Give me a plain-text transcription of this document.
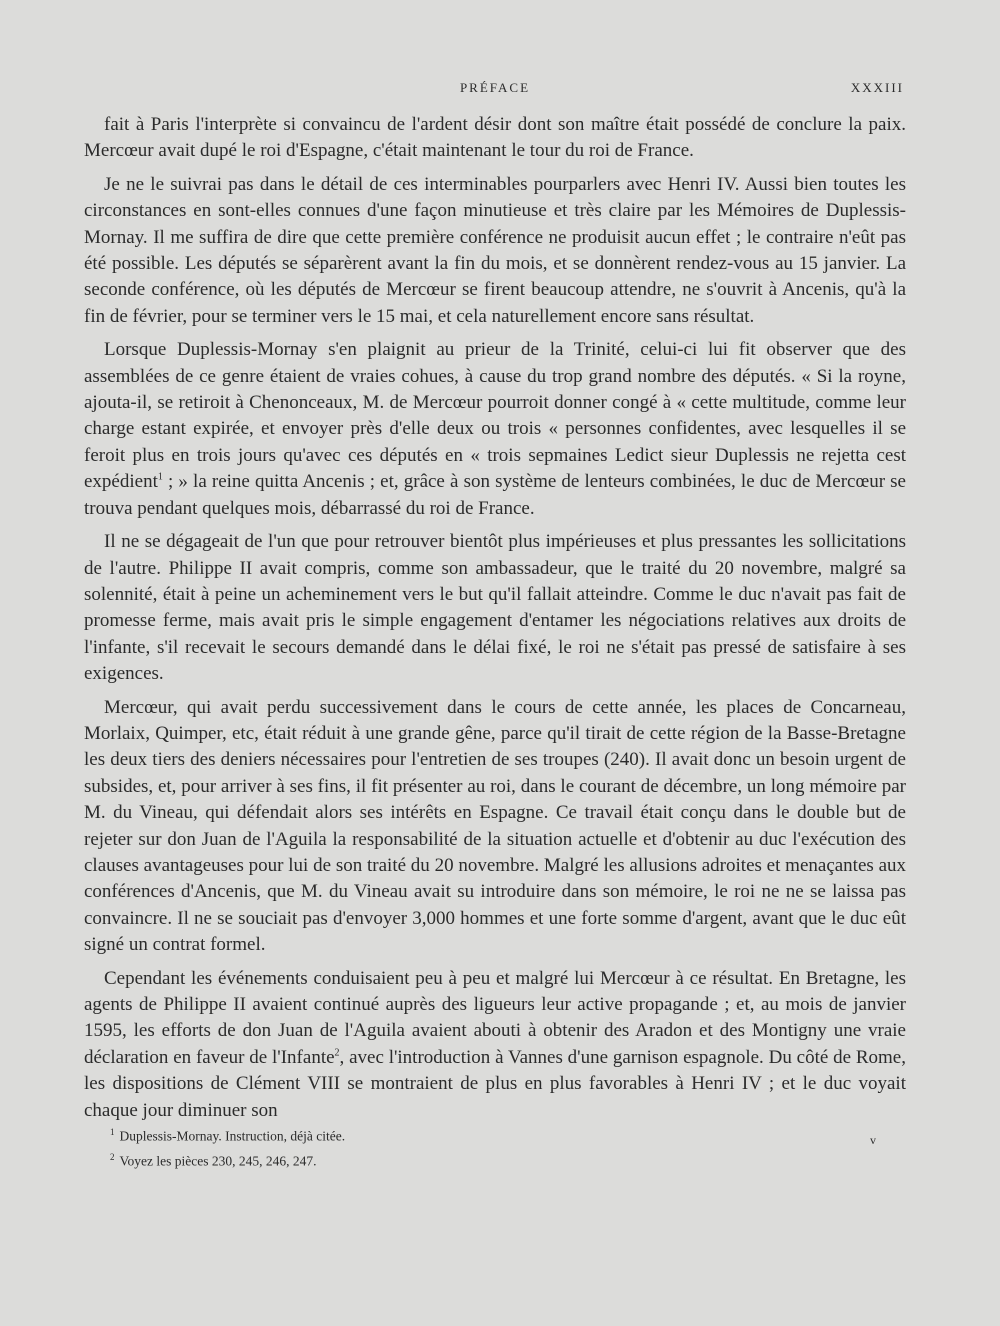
PRÉFACE	XXXIII

fait à Paris l'interprète si convaincu de l'ardent désir dont son maître était possédé de conclure la paix. Mercœur avait dupé le roi d'Espagne, c'était maintenant le tour du roi de France.

Je ne le suivrai pas dans le détail de ces interminables pourparlers avec Henri IV. Aussi bien toutes les circonstances en sont-elles connues d'une façon minutieuse et très claire par les Mémoires de Duplessis-Mornay. Il me suffira de dire que cette première conférence ne produisit aucun effet ; le contraire n'eût pas été possible. Les députés se séparèrent avant la fin du mois, et se donnèrent rendez-vous au 15 janvier. La seconde conférence, où les députés de Mercœur se firent beaucoup attendre, ne s'ouvrit à Ancenis, qu'à la fin de février, pour se terminer vers le 15 mai, et cela naturellement encore sans résultat.

Lorsque Duplessis-Mornay s'en plaignit au prieur de la Trinité, celui-ci lui fit observer que des assemblées de ce genre étaient de vraies cohues, à cause du trop grand nombre des députés. « Si la royne, ajouta-il, se retiroit à Chenonceaux, M. de Mercœur pourroit donner congé à « cette multitude, comme leur charge estant expirée, et envoyer près d'elle deux ou trois « personnes confidentes, avec lesquelles il se feroit plus en trois jours qu'avec ces députés en « trois sepmaines Ledict sieur Duplessis ne rejetta cest expédient$^1$ ; » la reine quitta Ancenis ; et, grâce à son système de lenteurs combinées, le duc de Mercœur se trouva pendant quelques mois, débarrassé du roi de France.

Il ne se dégageait de l'un que pour retrouver bientôt plus impérieuses et plus pressantes les sollicitations de l'autre. Philippe II avait compris, comme son ambassadeur, que le traité du 20 novembre, malgré sa solennité, était à peine un acheminement vers le but qu'il fallait atteindre. Comme le duc n'avait pas fait de promesse ferme, mais avait pris le simple engagement d'entamer les négociations relatives aux droits de l'infante, s'il recevait le secours demandé dans le délai fixé, le roi ne s'était pas pressé de satisfaire à ses exigences.

Mercœur, qui avait perdu successivement dans le cours de cette année, les places de Concarneau, Morlaix, Quimper, etc, était réduit à une grande gêne, parce qu'il tirait de cette région de la Basse-Bretagne les deux tiers des deniers nécessaires pour l'entretien de ses troupes (240). Il avait donc un besoin urgent de subsides, et, pour arriver à ses fins, il fit présenter au roi, dans le courant de décembre, un long mémoire par M. du Vineau, qui défendait alors ses intérêts en Espagne. Ce travail était conçu dans le double but de rejeter sur don Juan de l'Aguila la responsabilité de la situation actuelle et d'obtenir au duc l'exécution des clauses avantageuses pour lui de son traité du 20 novembre. Malgré les allusions adroites et menaçantes aux conférences d'Ancenis, que M. du Vineau avait su introduire dans son mémoire, le roi ne ne se laissa pas convaincre. Il ne se souciait pas d'envoyer 3,000 hommes et une forte somme d'argent, avant que le duc eût signé un contrat formel.

Cependant les événements conduisaient peu à peu et malgré lui Mercœur à ce résultat. En Bretagne, les agents de Philippe II avaient continué auprès des ligueurs leur active propagande ; et, au mois de janvier 1595, les efforts de don Juan de l'Aguila avaient abouti à obtenir des Aradon et des Montigny une vraie déclaration en faveur de l'Infante$^2$, avec l'introduction à Vannes d'une garnison espagnole. Du côté de Rome, les dispositions de Clément VIII se montraient de plus en plus favorables à Henri IV ; et le duc voyait chaque jour diminuer son

$^1$ Duplessis-Mornay. Instruction, déjà citée.

$^2$ Voyez les pièces 230, 245, 246, 247.

v
